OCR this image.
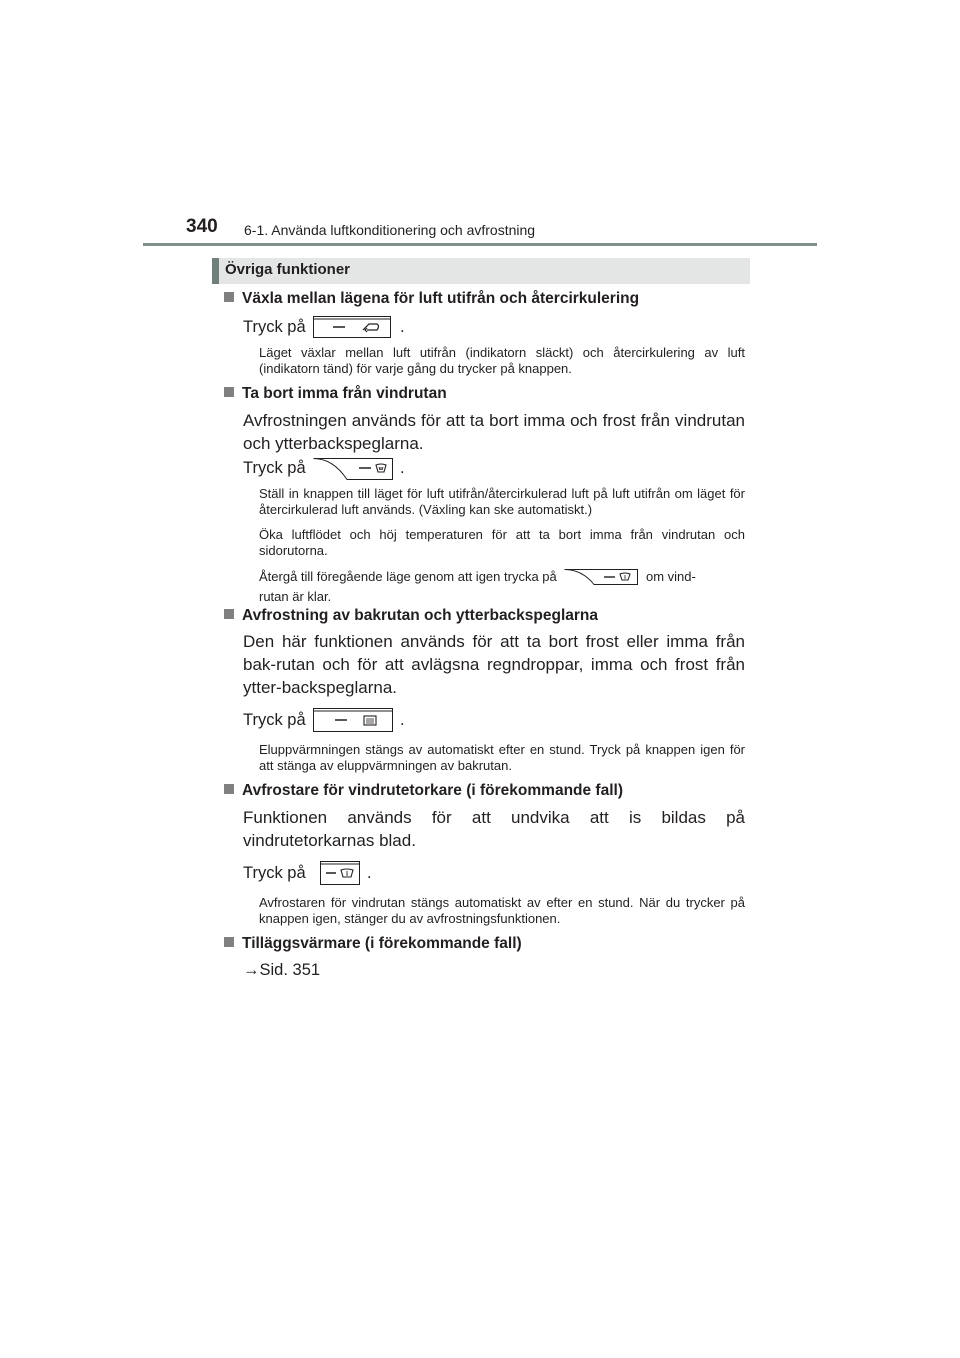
340 6-1. Använda luftkonditionering och avfrostning
Övriga funktioner
Växla mellan lägena för luft utifrån och återcirkulering
Tryck på	.
Läget växlar mellan luft utifrån (indikatorn släckt) och återcirkulering av luft (indikatorn tänd) för varje gång du trycker på knappen.
Ta bort imma från vindrutan
Avfrostningen används för att ta bort imma och frost från vindrutan och ytterbackspeglarna.
Tryck på	.
Ställ in knappen till läget för luft utifrån/återcirkulerad luft på luft utifrån om läget för återcirkulerad luft används. (Växling kan ske automatiskt.)
Öka luftflödet och höj temperaturen för att ta bort imma från vindrutan och sidorutorna.
Återgå till föregående läge genom att igen trycka på	om vind-
rutan är klar.
Avfrostning av bakrutan och ytterbackspeglarna
Den här funktionen används för att ta bort frost eller imma från bak-rutan och för att avlägsna regndroppar, imma och frost från ytter-backspeglarna.
Tryck på	.
Eluppvärmningen stängs av automatiskt efter en stund. Tryck på knappen igen för att stänga av eluppvärmningen av bakrutan.
Avfrostare för vindrutetorkare (i förekommande fall)
Funktionen används för att undvika att is bildas på vindrutetorkarnas blad.
Tryck på	.
Avfrostaren för vindrutan stängs automatiskt av efter en stund. När du trycker på knappen igen, stänger du av avfrostningsfunktionen.
Tilläggsvärmare (i förekommande fall)
→Sid. 351
